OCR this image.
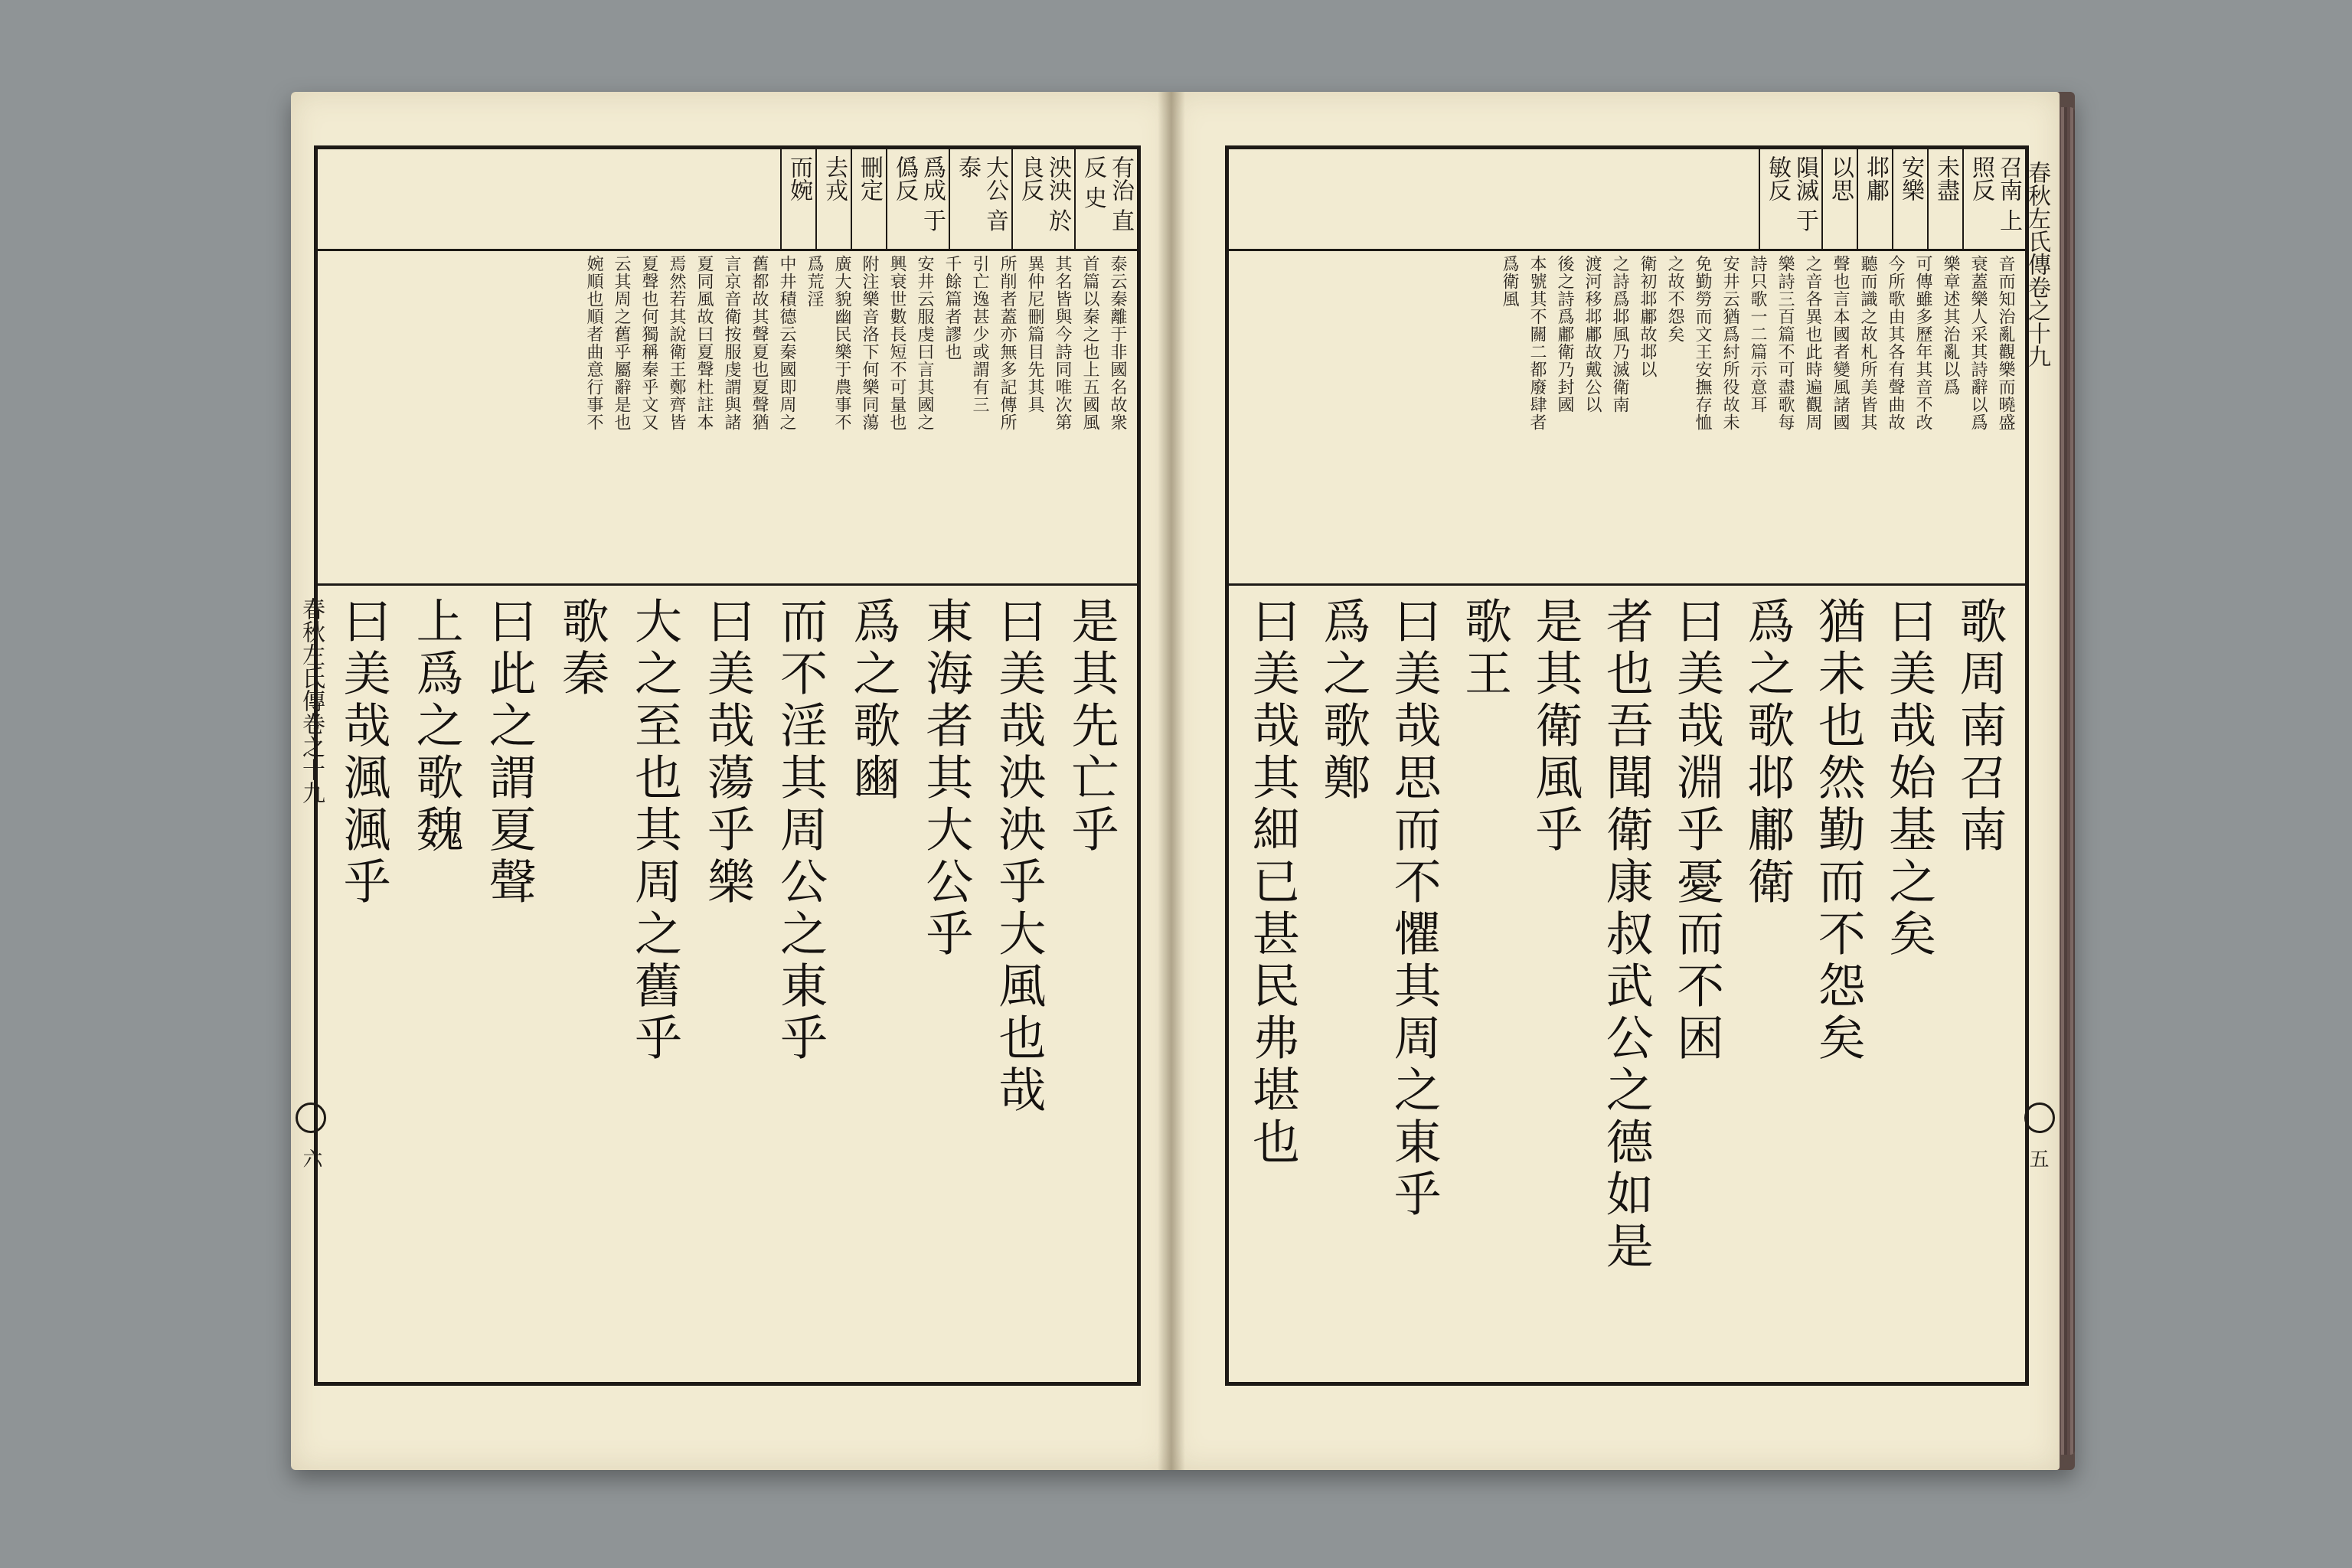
春秋左氏傳卷之十九
六
有治 直反 史
泱泱 於良反
大公 音泰
爲成 于僞反
刪定
去戎
而婉
泰云秦離于非國名故衆
首篇以秦之也上五國風
其名皆與今詩同唯次第
異仲尼刪篇目先其具
所削者蓋亦無多記傳所
引亡逸甚少或謂有三
千餘篇者謬也
安井云服虔曰言其國之
興衰世數長短不可量也
附注樂音洛下何樂同蕩
廣大貌幽民樂于農事不
爲荒淫
中井積德云秦國即周之
舊都故其聲夏也夏聲猶
言京音衛按服虔謂與諸
夏同風故曰夏聲杜註本
焉然若其說衛王鄭齊皆
夏聲也何獨稱秦乎文又
云其周之舊乎屬辭是也
婉順也順者曲意行事不
是其先亡乎
曰美哉泱泱乎大風也哉
東海者其大公乎
爲之歌豳
而不淫其周公之東乎
曰美哉蕩乎樂
大之至也其周之舊乎
歌秦
曰此之謂夏聲
上爲之歌魏
曰美哉渢渢乎
春秋左氏傳卷之十九
五
召南 上照反
未盡
安樂
邶鄘
以思
隕滅 于敏反
音而知治亂觀樂而曉盛
衰蓋樂人采其詩辭以爲
樂章述其治亂以爲
可傳雖多歷年其音不改
今所歌由其各有聲曲故
聽而識之故札所美皆其
聲也言本國者變風諸國
之音各異也此時遍觀周
樂詩三百篇不可盡歌每
詩只歌一二篇示意耳
安井云猶爲紂所役故未
免勤勞而文王安撫存恤
之故不怨矣
衛初邶鄘故邶以
之詩爲邶風乃滅衛南
渡河移邶鄘故戴公以
後之詩爲鄘衛乃封國
本號其不關二都廢肆者
爲衛風
歌周南召南
曰美哉始基之矣
猶未也然勤而不怨矣
爲之歌邶鄘衛
曰美哉淵乎憂而不困
者也吾聞衛康叔武公之德如是
是其衛風乎
歌王
曰美哉思而不懼其周之東乎
爲之歌鄭
曰美哉其細已甚民弗堪也
